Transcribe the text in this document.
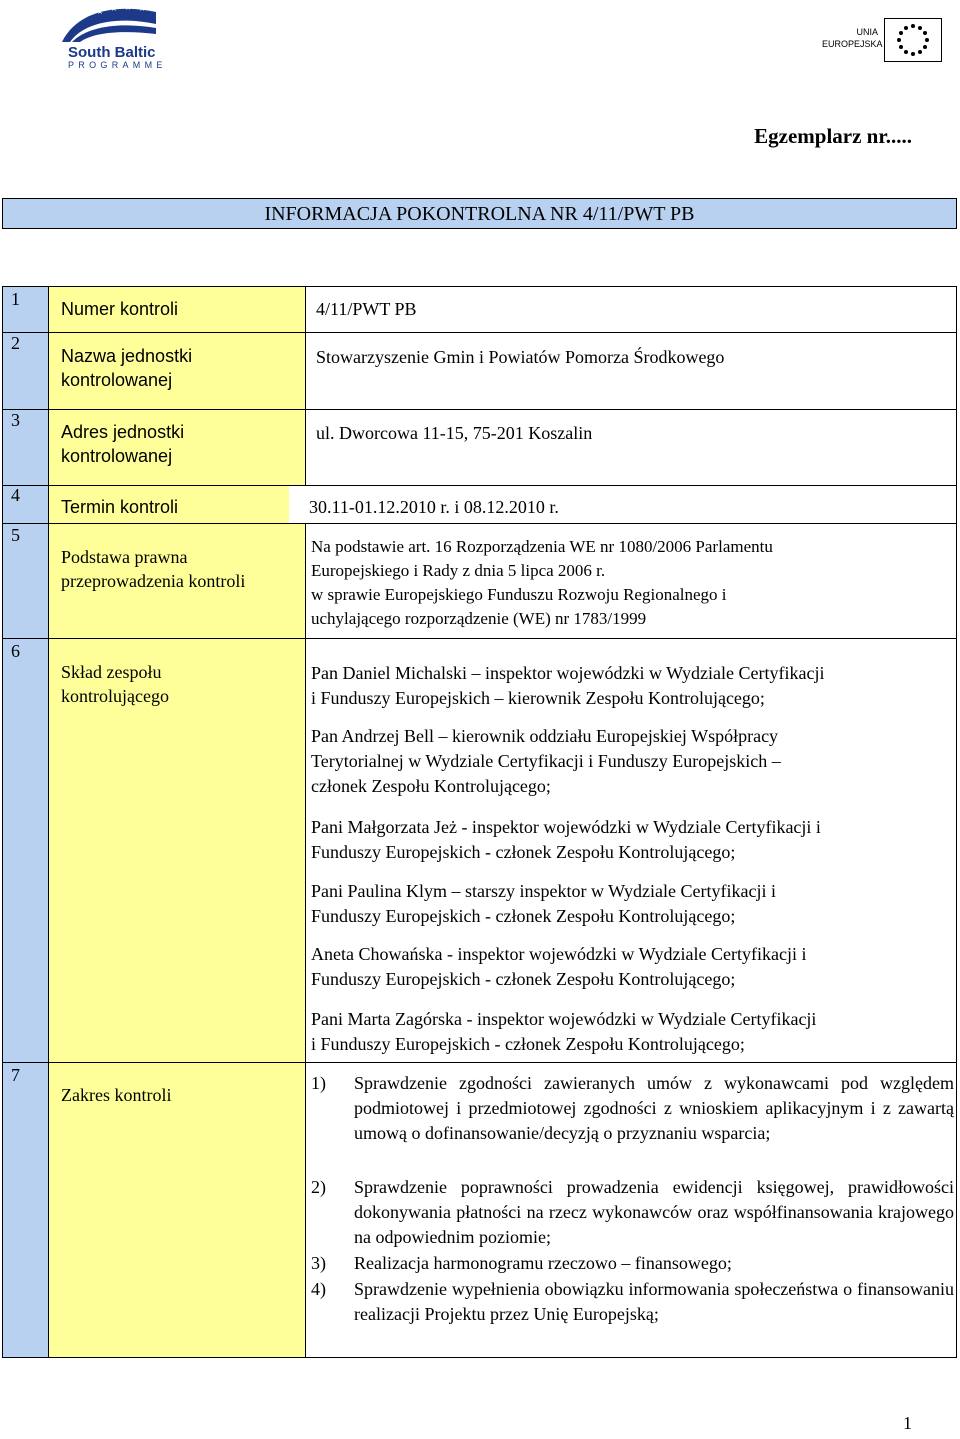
South Baltic
PROGRAMME
UNIA
EUROPEJSKA
Egzemplarz nr.....
INFORMACJA POKONTROLNA NR 4/11/PWT PB
1 Numer kontroli	4/11/PWT PB
2
Nazwa jednostki
kontrolowanej
Stowarzyszenie Gmin i Powiatów Pomorza Środkowego
3
Adres jednostki
kontrolowanej
ul. Dworcowa 11-15, 75-201 Koszalin
4
Termin kontroli	30.11-01.12.2010 r. i 08.12.2010 r.
5
Podstawa prawna
przeprowadzenia kontroli
Na podstawie art. 16 Rozporządzenia WE nr 1080/2006 Parlamentu
Europejskiego i Rady z dnia 5 lipca 2006 r.
w sprawie Europejskiego Funduszu Rozwoju Regionalnego i
uchylającego rozporządzenie (WE) nr 1783/1999
6
Skład zespołu
kontrolującego
Pan Daniel Michalski – inspektor wojewódzki w Wydziale Certyfikacji
i Funduszy Europejskich – kierownik Zespołu Kontrolującego;
Pan Andrzej Bell – kierownik oddziału Europejskiej Współpracy
Terytorialnej w Wydziale Certyfikacji i Funduszy Europejskich –
członek Zespołu Kontrolującego;
Pani Małgorzata Jeż - inspektor wojewódzki w Wydziale Certyfikacji i
Funduszy Europejskich - członek Zespołu Kontrolującego;
Pani Paulina Klym – starszy inspektor w Wydziale Certyfikacji i
Funduszy Europejskich - członek Zespołu Kontrolującego;
Aneta Chowańska - inspektor wojewódzki w Wydziale Certyfikacji i
Funduszy Europejskich - członek Zespołu Kontrolującego;
Pani Marta Zagórska - inspektor wojewódzki w Wydziale Certyfikacji
i Funduszy Europejskich - członek Zespołu Kontrolującego;
7
Zakres kontroli
1) Sprawdzenie zgodności zawieranych umów z wykonawcami pod względem podmiotowej i przedmiotowej zgodności z wnioskiem aplikacyjnym i z zawartą umową o dofinansowanie/decyzją o przyznaniu wsparcia;
2) Sprawdzenie poprawności prowadzenia ewidencji księgowej, prawidłowości dokonywania płatności na rzecz wykonawców oraz współfinansowania krajowego na odpowiednim poziomie;
3) Realizacja harmonogramu rzeczowo – finansowego;
4) Sprawdzenie wypełnienia obowiązku informowania społeczeństwa o finansowaniu realizacji Projektu przez Unię Europejską;
1
